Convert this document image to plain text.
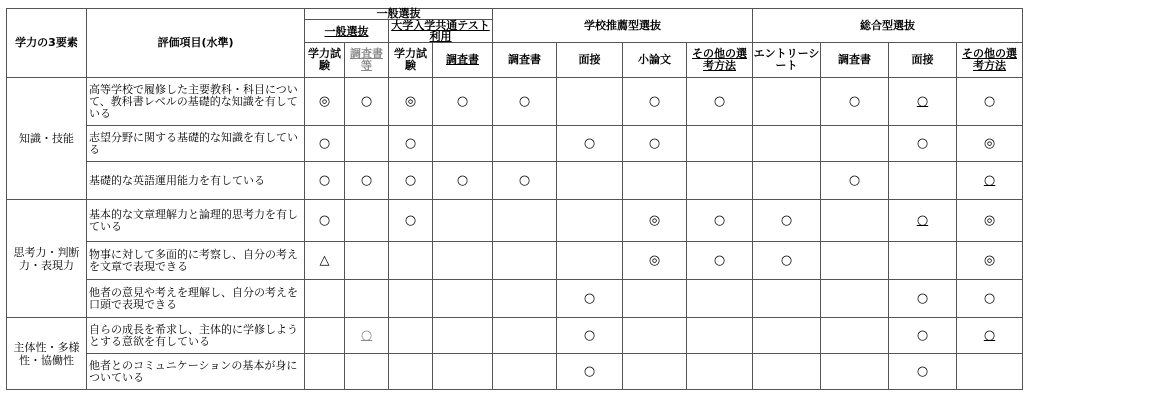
学力の3要素	評価項目(水準)	一般選抜				学校推薦型選抜				総合型選抜			
		一般選抜		大学入学共通テスト利用									
		学力試験	調査書等	学力試験	調査書	調査書	面接	小論文	その他の選考方法	エントリーシート	調査書	面接	その他の選考方法
知識・技能	高等学校で履修した主要教科・科目について、教科書レベルの基礎的な知識を有している	◎	○	◎	○	○		○	○		○	○	○
	志望分野に関する基礎的な知識を有している	○		○			○	○				○	◎
	基礎的な英語運用能力を有している	○	○	○	○	○					○		○
思考力・判断力・表現力	基本的な文章理解力と論理的思考力を有している	○		○				◎	○	○		○	◎
	物事に対して多面的に考察し、自分の考えを文章で表現できる	△						◎	○	○			◎
	他者の意見や考えを理解し、自分の考えを口頭で表現できる						○					○	○
主体性・多様性・協働性	自らの成長を希求し、主体的に学修しようとする意欲を有している		○				○					○	○
	他者とのコミュニケーションの基本が身についている						○					○	
